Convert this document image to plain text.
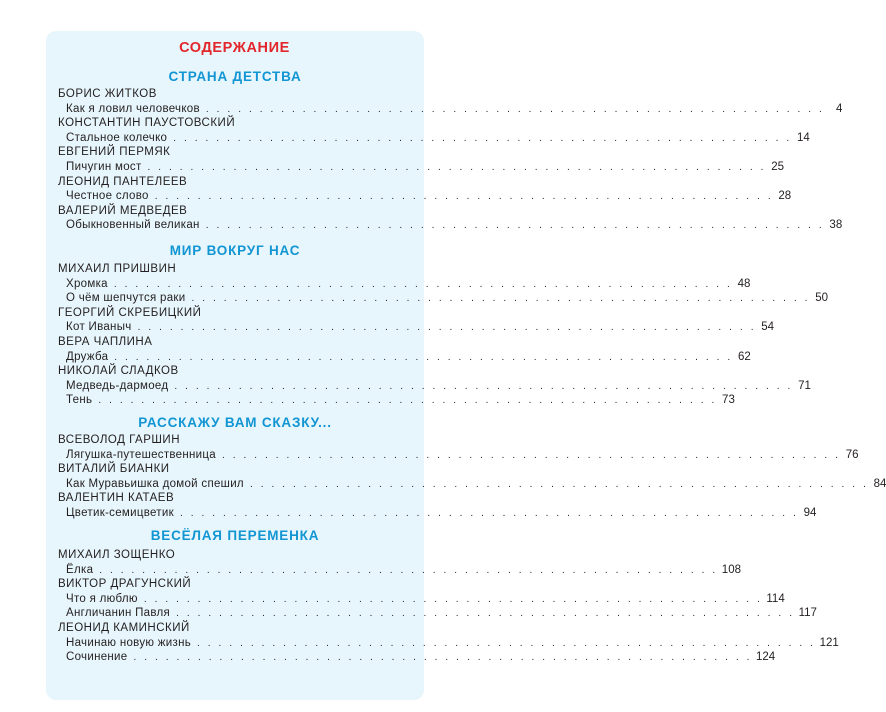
СОДЕРЖАНИЕ
СТРАНА ДЕТСТВА
БОРИС ЖИТКОВ
Как я ловил человечков . . . . . . . . . . . . . . . . . . . . . . . . . . . . . . . . . . . . . . . . . . . . . . . . . . . . . . . . . .	4
КОНСТАНТИН ПАУСТОВСКИЙ
Стальное колечко . . . . . . . . . . . . . . . . . . . . . . . . . . . . . . . . . . . . . . . . . . . . . . . . . . . . . . . . . . 14
ЕВГЕНИЙ ПЕРМЯК
Пичугин мост . . . . . . . . . . . . . . . . . . . . . . . . . . . . . . . . . . . . . . . . . . . . . . . . . . . . . . . . . . 25
ЛЕОНИД ПАНТЕЛЕЕВ
Честное слово . . . . . . . . . . . . . . . . . . . . . . . . . . . . . . . . . . . . . . . . . . . . . . . . . . . . . . . . . . 28
ВАЛЕРИЙ МЕДВЕДЕВ
Обыкновенный великан . . . . . . . . . . . . . . . . . . . . . . . . . . . . . . . . . . . . . . . . . . . . . . . . . . . . . . . . . . 38
МИР ВОКРУГ НАС
МИХАИЛ ПРИШВИН
Хромка . . . . . . . . . . . . . . . . . . . . . . . . . . . . . . . . . . . . . . . . . . . . . . . . . . . . . . . . . . 48
О чём шепчутся раки . . . . . . . . . . . . . . . . . . . . . . . . . . . . . . . . . . . . . . . . . . . . . . . . . . . . . . . . . . 50
ГЕОРГИЙ СКРЕБИЦКИЙ
Кот Иваныч . . . . . . . . . . . . . . . . . . . . . . . . . . . . . . . . . . . . . . . . . . . . . . . . . . . . . . . . . . 54
ВЕРА ЧАПЛИНА
Дружба . . . . . . . . . . . . . . . . . . . . . . . . . . . . . . . . . . . . . . . . . . . . . . . . . . . . . . . . . . 62
НИКОЛАЙ СЛАДКОВ
Медведь-дармоед . . . . . . . . . . . . . . . . . . . . . . . . . . . . . . . . . . . . . . . . . . . . . . . . . . . . . . . . . . 71
Тень . . . . . . . . . . . . . . . . . . . . . . . . . . . . . . . . . . . . . . . . . . . . . . . . . . . . . . . . . . 73
РАССКАЖУ ВАМ СКАЗКУ...
ВСЕВОЛОД ГАРШИН
Лягушка-путешественница . . . . . . . . . . . . . . . . . . . . . . . . . . . . . . . . . . . . . . . . . . . . . . . . . . . . . . . . . . 76
ВИТАЛИЙ БИАНКИ
Как Муравьишка домой спешил . . . . . . . . . . . . . . . . . . . . . . . . . . . . . . . . . . . . . . . . . . . . . . . . . . . . . . . . . . 84
ВАЛЕНТИН КАТАЕВ
Цветик-семицветик . . . . . . . . . . . . . . . . . . . . . . . . . . . . . . . . . . . . . . . . . . . . . . . . . . . . . . . . . . 94
ВЕСЁЛАЯ ПЕРЕМЕНКА
МИХАИЛ ЗОЩЕНКО
Ёлка . . . . . . . . . . . . . . . . . . . . . . . . . . . . . . . . . . . . . . . . . . . . . . . . . . . . . . . . . . 108
ВИКТОР ДРАГУНСКИЙ
Что я люблю . . . . . . . . . . . . . . . . . . . . . . . . . . . . . . . . . . . . . . . . . . . . . . . . . . . . . . . . . . 114
Англичанин Павля . . . . . . . . . . . . . . . . . . . . . . . . . . . . . . . . . . . . . . . . . . . . . . . . . . . . . . . . . . 117
ЛЕОНИД КАМИНСКИЙ
Начинаю новую жизнь . . . . . . . . . . . . . . . . . . . . . . . . . . . . . . . . . . . . . . . . . . . . . . . . . . . . . . . . . . 121
Сочинение . . . . . . . . . . . . . . . . . . . . . . . . . . . . . . . . . . . . . . . . . . . . . . . . . . . . . . . . . . 124
